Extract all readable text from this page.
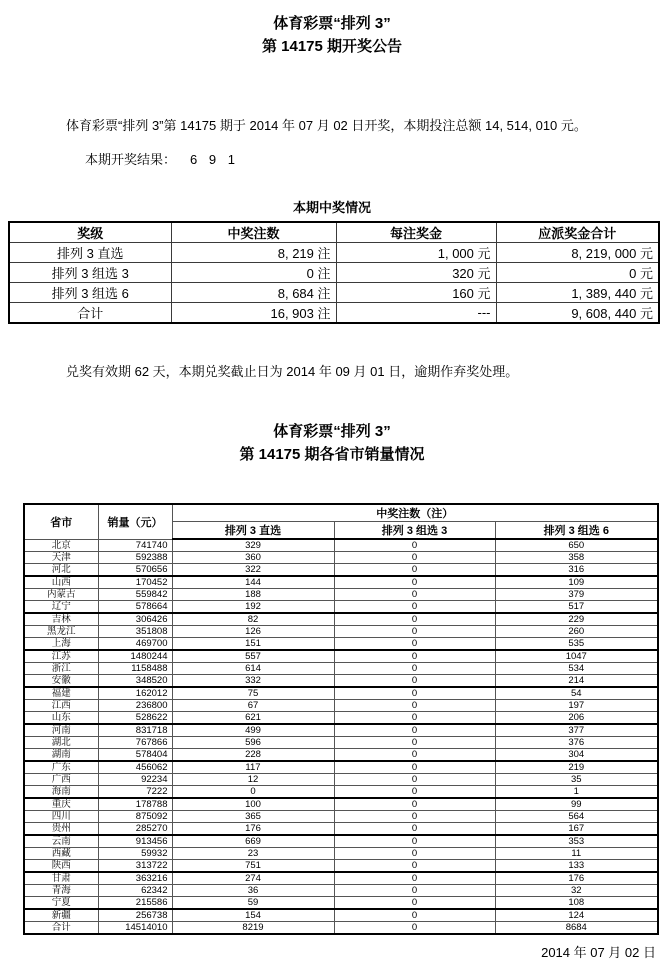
体育彩票“排列 3”
第 14175 期开奖公告

体育彩票“排列 3”第 14175 期于 2014 年 07 月 02 日开奖，本期投注总额 14, 514, 010 元。

本期开奖结果： 6 9 1

本期中奖情况
奖级	中奖注数	每注奖金	应派奖金合计
排列 3 直选	8, 219 注	1, 000 元	8, 219, 000 元
排列 3 组选 3	0 注	320 元	0 元
排列 3 组选 6	8, 684 注	160 元	1, 389, 440 元
合计	16, 903 注	---	9, 608, 440 元

兑奖有效期 62 天，本期兑奖截止日为 2014 年 09 月 01 日，逾期作弃奖处理。

体育彩票“排列 3”
第 14175 期各省市销量情况
省市	销量（元）	中奖注数（注）		
		排列 3 直选	排列 3 组选 3	排列 3 组选 6
北京	741740	329	0	650
天津	592388	360	0	358
河北	570656	322	0	316
山西	170452	144	0	109
内蒙古	559842	188	0	379
辽宁	578664	192	0	517
吉林	306426	82	0	229
黑龙江	351808	126	0	260
上海	469700	151	0	535
江苏	1480244	557	0	1047
浙江	1158488	614	0	534
安徽	348520	332	0	214
福建	162012	75	0	54
江西	236800	67	0	197
山东	528622	621	0	206
河南	831718	499	0	377
湖北	767866	596	0	376
湖南	578404	228	0	304
广东	456062	117	0	219
广西	92234	12	0	35
海南	7222	0	0	1
重庆	178788	100	0	99
四川	875092	365	0	564
贵州	285270	176	0	167
云南	913456	669	0	353
西藏	59932	23	0	11
陕西	313722	751	0	133
甘肃	363216	274	0	176
青海	62342	36	0	32
宁夏	215586	59	0	108
新疆	256738	154	0	124
合计	14514010	8219	0	8684
2014 年 07 月 02 日
